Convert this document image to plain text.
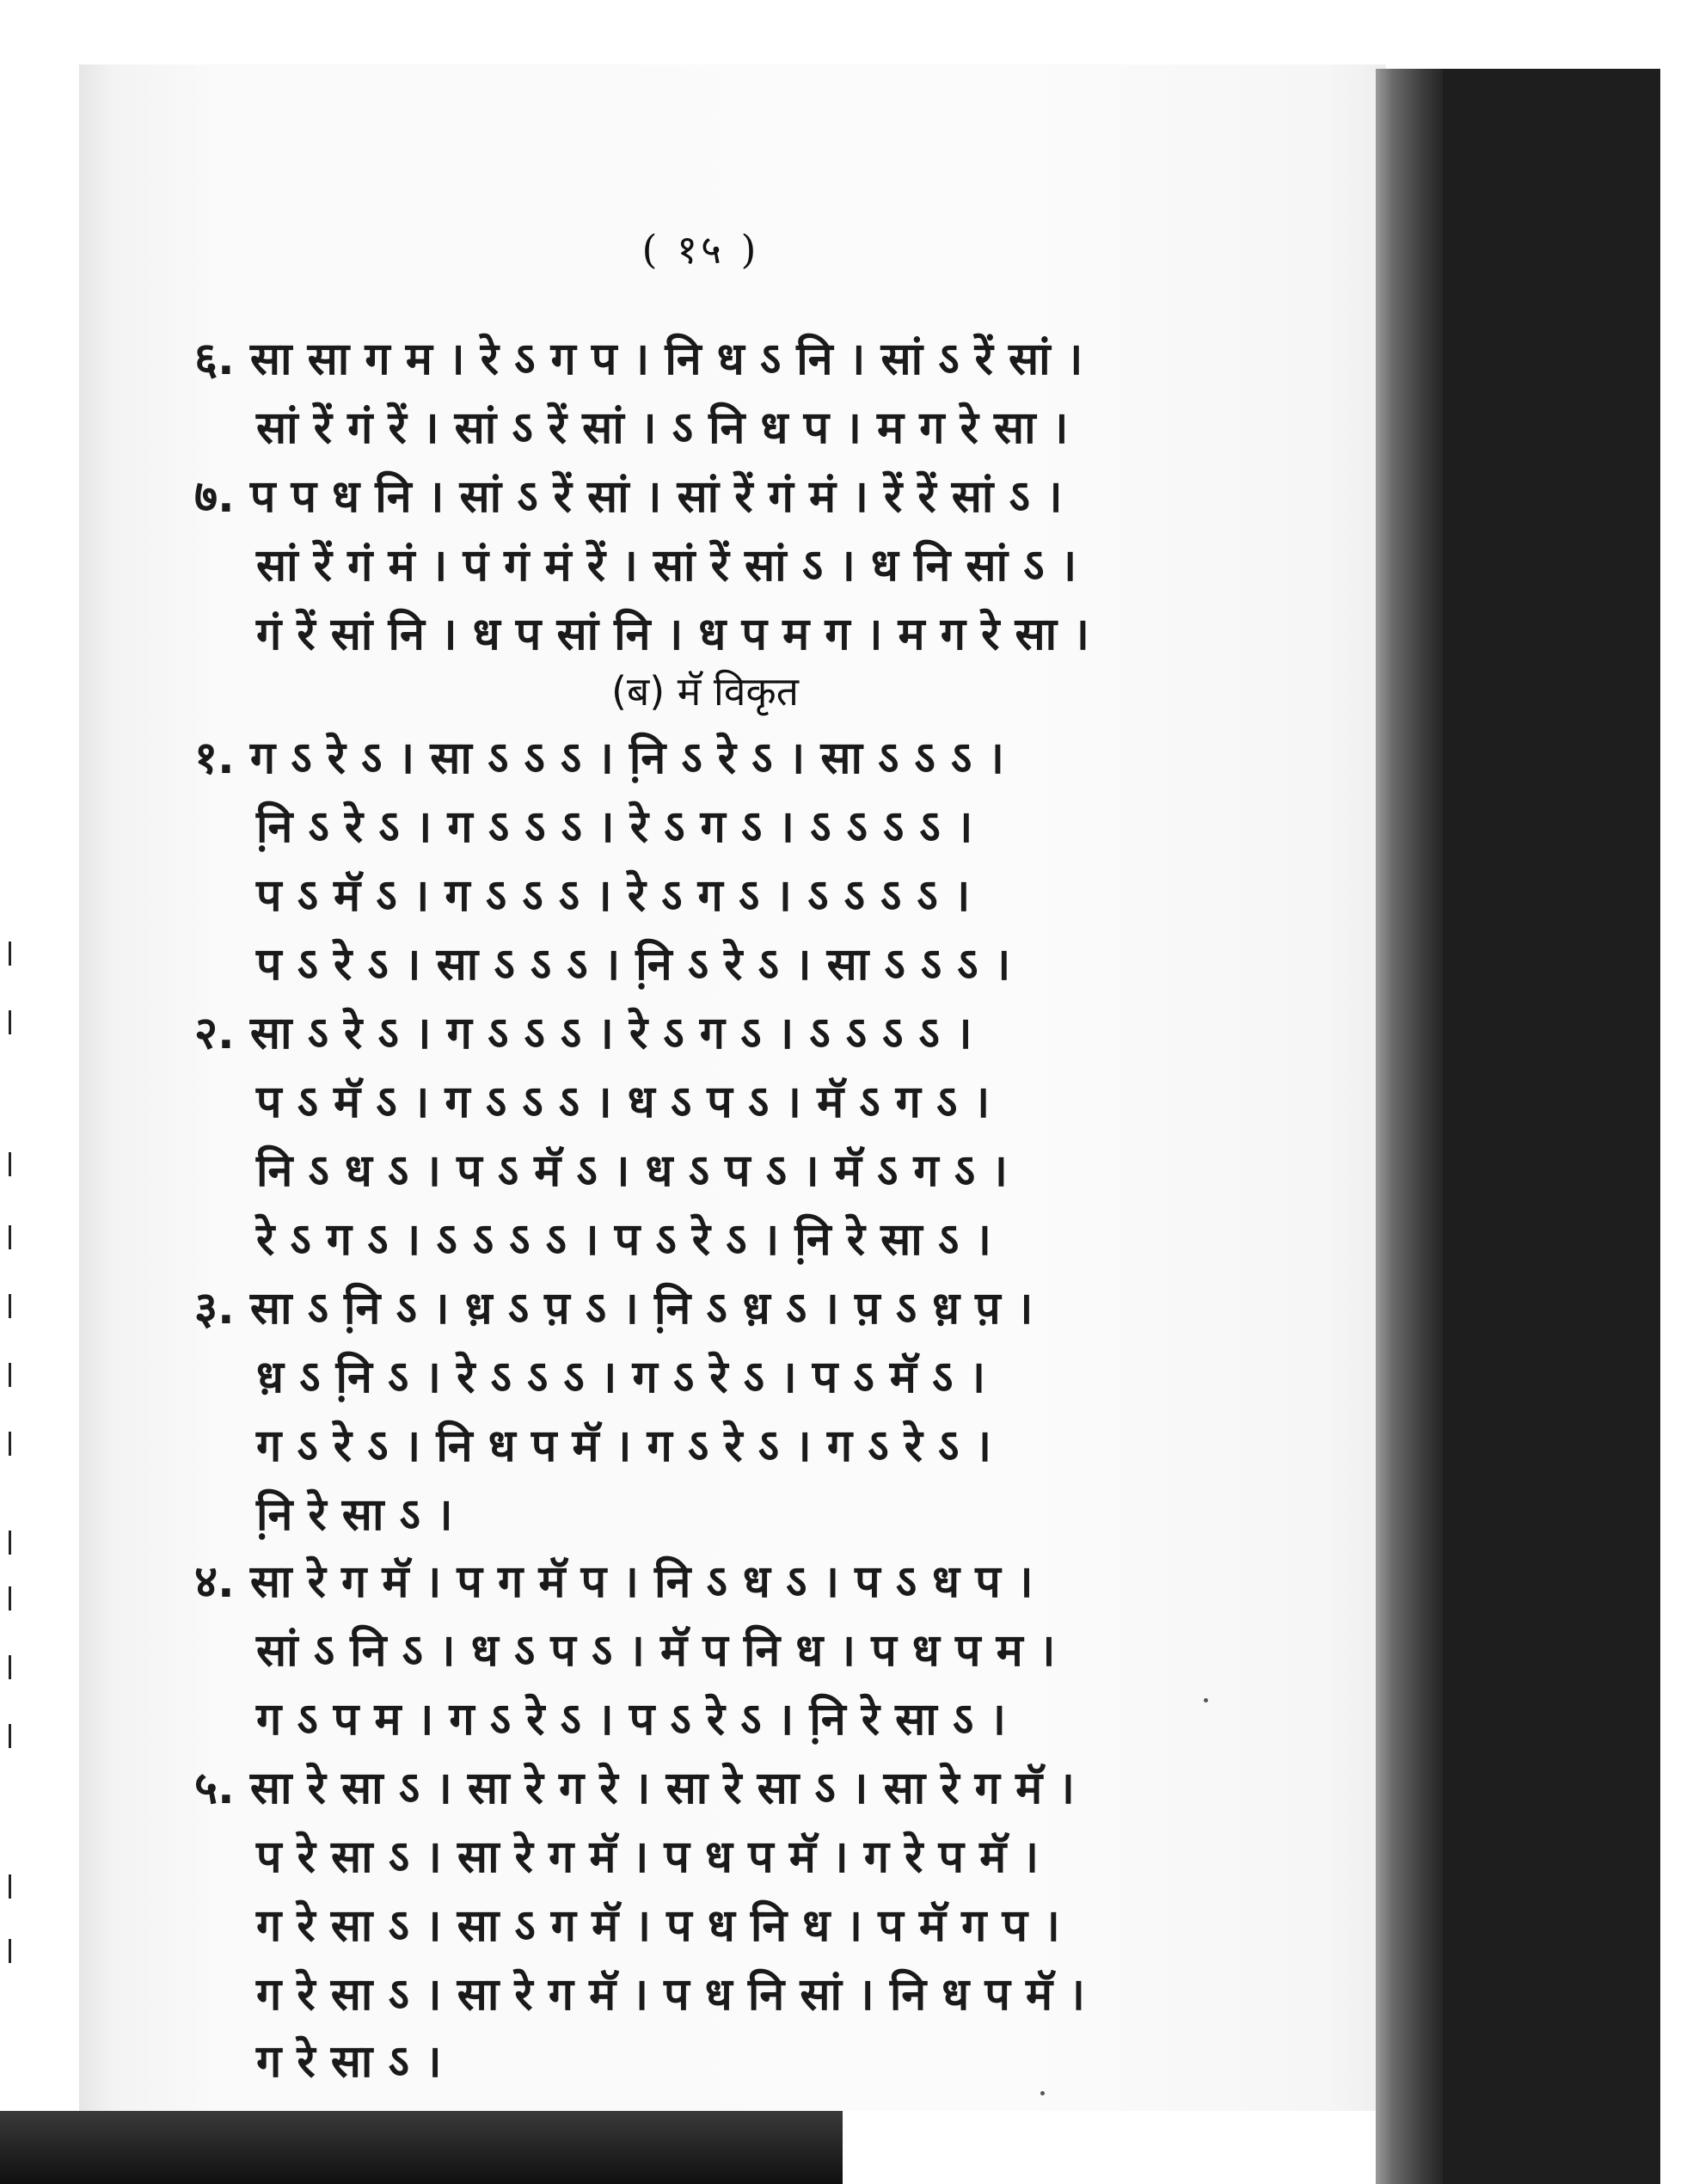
( १५ )
६. सा सा ग म । रे ऽ ग प । नि ध ऽ नि । सां ऽ रें सां ।
सां रें गं रें । सां ऽ रें सां । ऽ नि ध प । म ग रे सा ।
७. प प ध नि । सां ऽ रें सां । सां रें गं मं । रें रें सां ऽ ।
सां रें गं मं । पं गं मं रें । सां रें सां ऽ । ध नि सां ऽ ।
गं रें सां नि । ध प सां नि । ध प म ग । म ग रे सा ।
(ब) मॅ विकृत
१. ग ऽ रे ऽ । सा ऽ ऽ ऽ । नि़ ऽ रे ऽ । सा ऽ ऽ ऽ ।
नि़ ऽ रे ऽ । ग ऽ ऽ ऽ । रे ऽ ग ऽ । ऽ ऽ ऽ ऽ ।
प ऽ मॅ ऽ । ग ऽ ऽ ऽ । रे ऽ ग ऽ । ऽ ऽ ऽ ऽ ।
प ऽ रे ऽ । सा ऽ ऽ ऽ । नि़ ऽ रे ऽ । सा ऽ ऽ ऽ ।
२. सा ऽ रे ऽ । ग ऽ ऽ ऽ । रे ऽ ग ऽ । ऽ ऽ ऽ ऽ ।
प ऽ मॅ ऽ । ग ऽ ऽ ऽ । ध ऽ प ऽ । मॅ ऽ ग ऽ ।
नि ऽ ध ऽ । प ऽ मॅ ऽ । ध ऽ प ऽ । मॅ ऽ ग ऽ ।
रे ऽ ग ऽ । ऽ ऽ ऽ ऽ । प ऽ रे ऽ । नि़ रे सा ऽ ।
३. सा ऽ नि़ ऽ । ध़ ऽ प़ ऽ । नि़ ऽ ध़ ऽ । प़ ऽ ध़ प़ ।
ध़ ऽ नि़ ऽ । रे ऽ ऽ ऽ । ग ऽ रे ऽ । प ऽ मॅ ऽ ।
ग ऽ रे ऽ । नि ध प मॅ । ग ऽ रे ऽ । ग ऽ रे ऽ ।
नि़ रे सा ऽ ।
४. सा रे ग मॅ । प ग मॅ प । नि ऽ ध ऽ । प ऽ ध प ।
सां ऽ नि ऽ । ध ऽ प ऽ । मॅ प नि ध । प ध प म ।
ग ऽ प म । ग ऽ रे ऽ । प ऽ रे ऽ । नि़ रे सा ऽ ।
५. सा रे सा ऽ । सा रे ग रे । सा रे सा ऽ । सा रे ग मॅ ।
प रे सा ऽ । सा रे ग मॅ । प ध प मॅ । ग रे प मॅ ।
ग रे सा ऽ । सा ऽ ग मॅ । प ध नि ध । प मॅ ग प ।
ग रे सा ऽ । सा रे ग मॅ । प ध नि सां । नि ध प मॅ ।
ग रे सा ऽ ।
